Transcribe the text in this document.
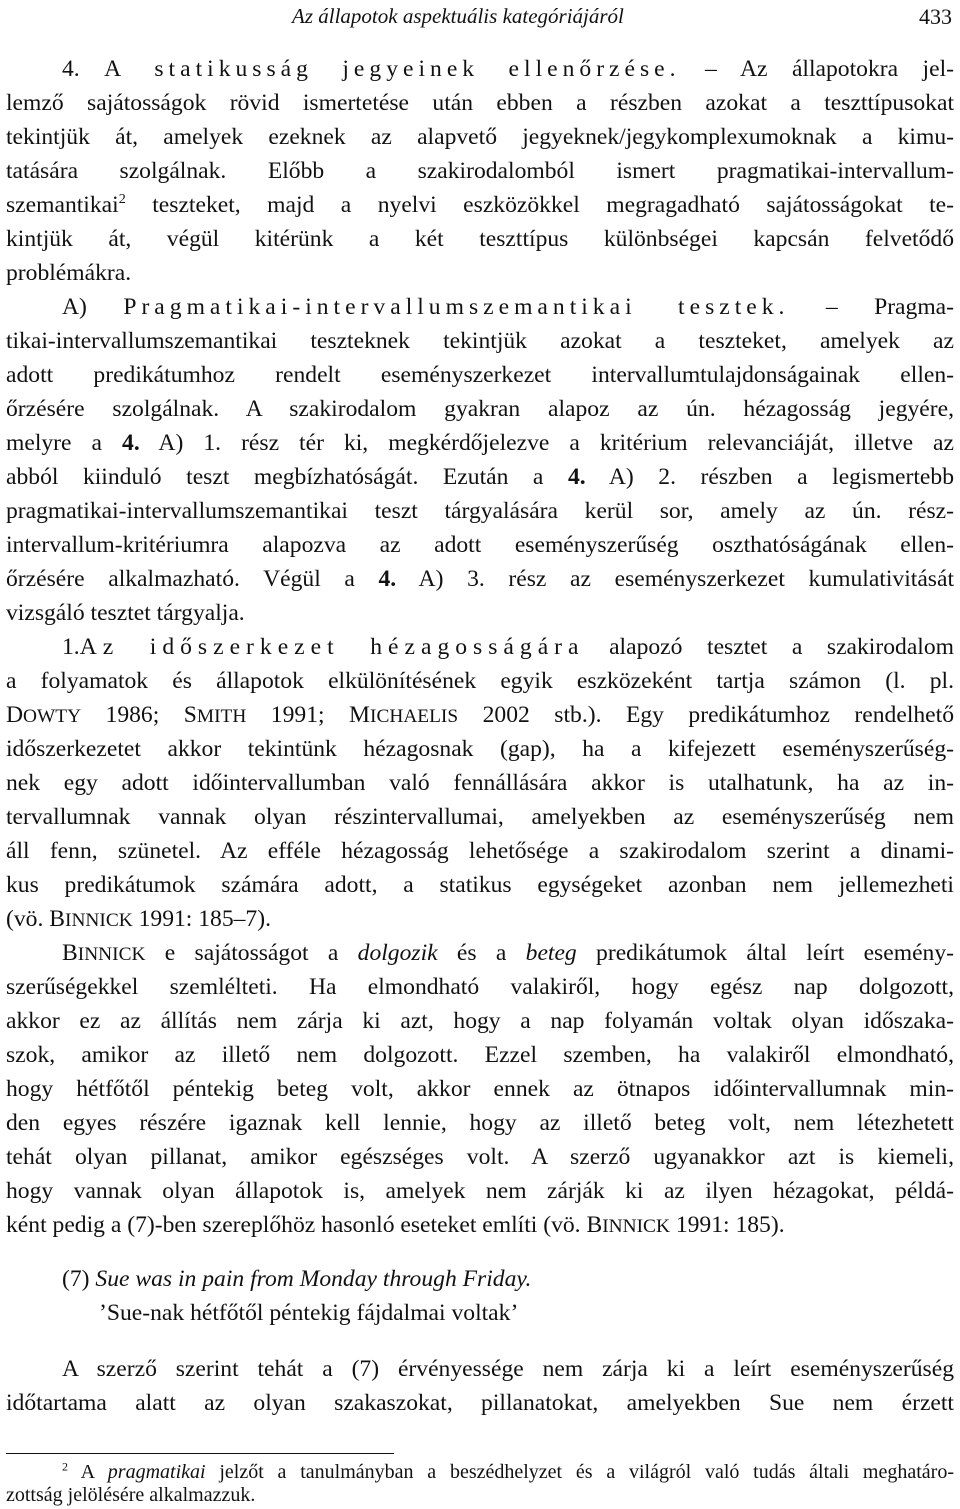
Az állapotok aspektuális kategóriájáról	433
4. A statikusság jegyeinek ellenőrzése. – Az állapotokra jel-
lemző sajátosságok rövid ismertetése után ebben a részben azokat a teszttípusokat
tekintjük át, amelyek ezeknek az alapvető jegyeknek/jegykomplexumoknak a kimu-
tatására szolgálnak. Előbb a szakirodalomból ismert pragmatikai-intervallum-
szemantikai$^2$ teszteket, majd a nyelvi eszközökkel megragadható sajátosságokat te-
kintjük át, végül kitérünk a két teszttípus különbségei kapcsán felvetődő
problémákra.
A) Pragmatikai-intervallumszemantikai tesztek. – Pragma-
tikai-intervallumszemantikai teszteknek tekintjük azokat a teszteket, amelyek az
adott predikátumhoz rendelt eseményszerkezet intervallumtulajdonságainak ellen-
őrzésére szolgálnak. A szakirodalom gyakran alapoz az ún. hézagosság jegyére,
melyre a 4. A) 1. rész tér ki, megkérdőjelezve a kritérium relevanciáját, illetve az
abból kiinduló teszt megbízhatóságát. Ezután a 4. A) 2. részben a legismertebb
pragmatikai-intervallumszemantikai teszt tárgyalására kerül sor, amely az ún. rész-
intervallum-kritériumra alapozva az adott eseményszerűség oszthatóságának ellen-
őrzésére alkalmazható. Végül a 4. A) 3. rész az eseményszerkezet kumulativitását
vizsgáló tesztet tárgyalja.
1.Az időszerkezet hézagosságára alapozó tesztet a szakirodalom
a folyamatok és állapotok elkülönítésének egyik eszközeként tartja számon (l. pl.
DOWTY 1986; SMITH 1991; MICHAELIS 2002 stb.). Egy predikátumhoz rendelhető
időszerkezetet akkor tekintünk hézagosnak (gap), ha a kifejezett eseményszerűség-
nek egy adott időintervallumban való fennállására akkor is utalhatunk, ha az in-
tervallumnak vannak olyan részintervallumai, amelyekben az eseményszerűség nem
áll fenn, szünetel. Az efféle hézagosság lehetősége a szakirodalom szerint a dinami-
kus predikátumok számára adott, a statikus egységeket azonban nem jellemezheti
(vö. BINNICK 1991: 185–7).
BINNICK e sajátosságot a dolgozik és a beteg predikátumok által leírt esemény-
szerűségekkel szemlélteti. Ha elmondható valakiről, hogy egész nap dolgozott,
akkor ez az állítás nem zárja ki azt, hogy a nap folyamán voltak olyan időszaka-
szok, amikor az illető nem dolgozott. Ezzel szemben, ha valakiről elmondható,
hogy hétfőtől péntekig beteg volt, akkor ennek az ötnapos időintervallumnak min-
den egyes részére igaznak kell lennie, hogy az illető beteg volt, nem létezhetett
tehát olyan pillanat, amikor egészséges volt. A szerző ugyanakkor azt is kiemeli,
hogy vannak olyan állapotok is, amelyek nem zárják ki az ilyen hézagokat, példá-
ként pedig a (7)-ben szereplőhöz hasonló eseteket említi (vö. BINNICK 1991: 185).
(7) Sue was in pain from Monday through Friday.
’Sue-nak hétfőtől péntekig fájdalmai voltak’
A szerző szerint tehát a (7) érvényessége nem zárja ki a leírt eseményszerűség
időtartama alatt az olyan szakaszokat, pillanatokat, amelyekben Sue nem érzett
$^2$ A pragmatikai jelzőt a tanulmányban a beszédhelyzet és a világról való tudás általi meghatáro-
zottság jelölésére alkalmazzuk.
